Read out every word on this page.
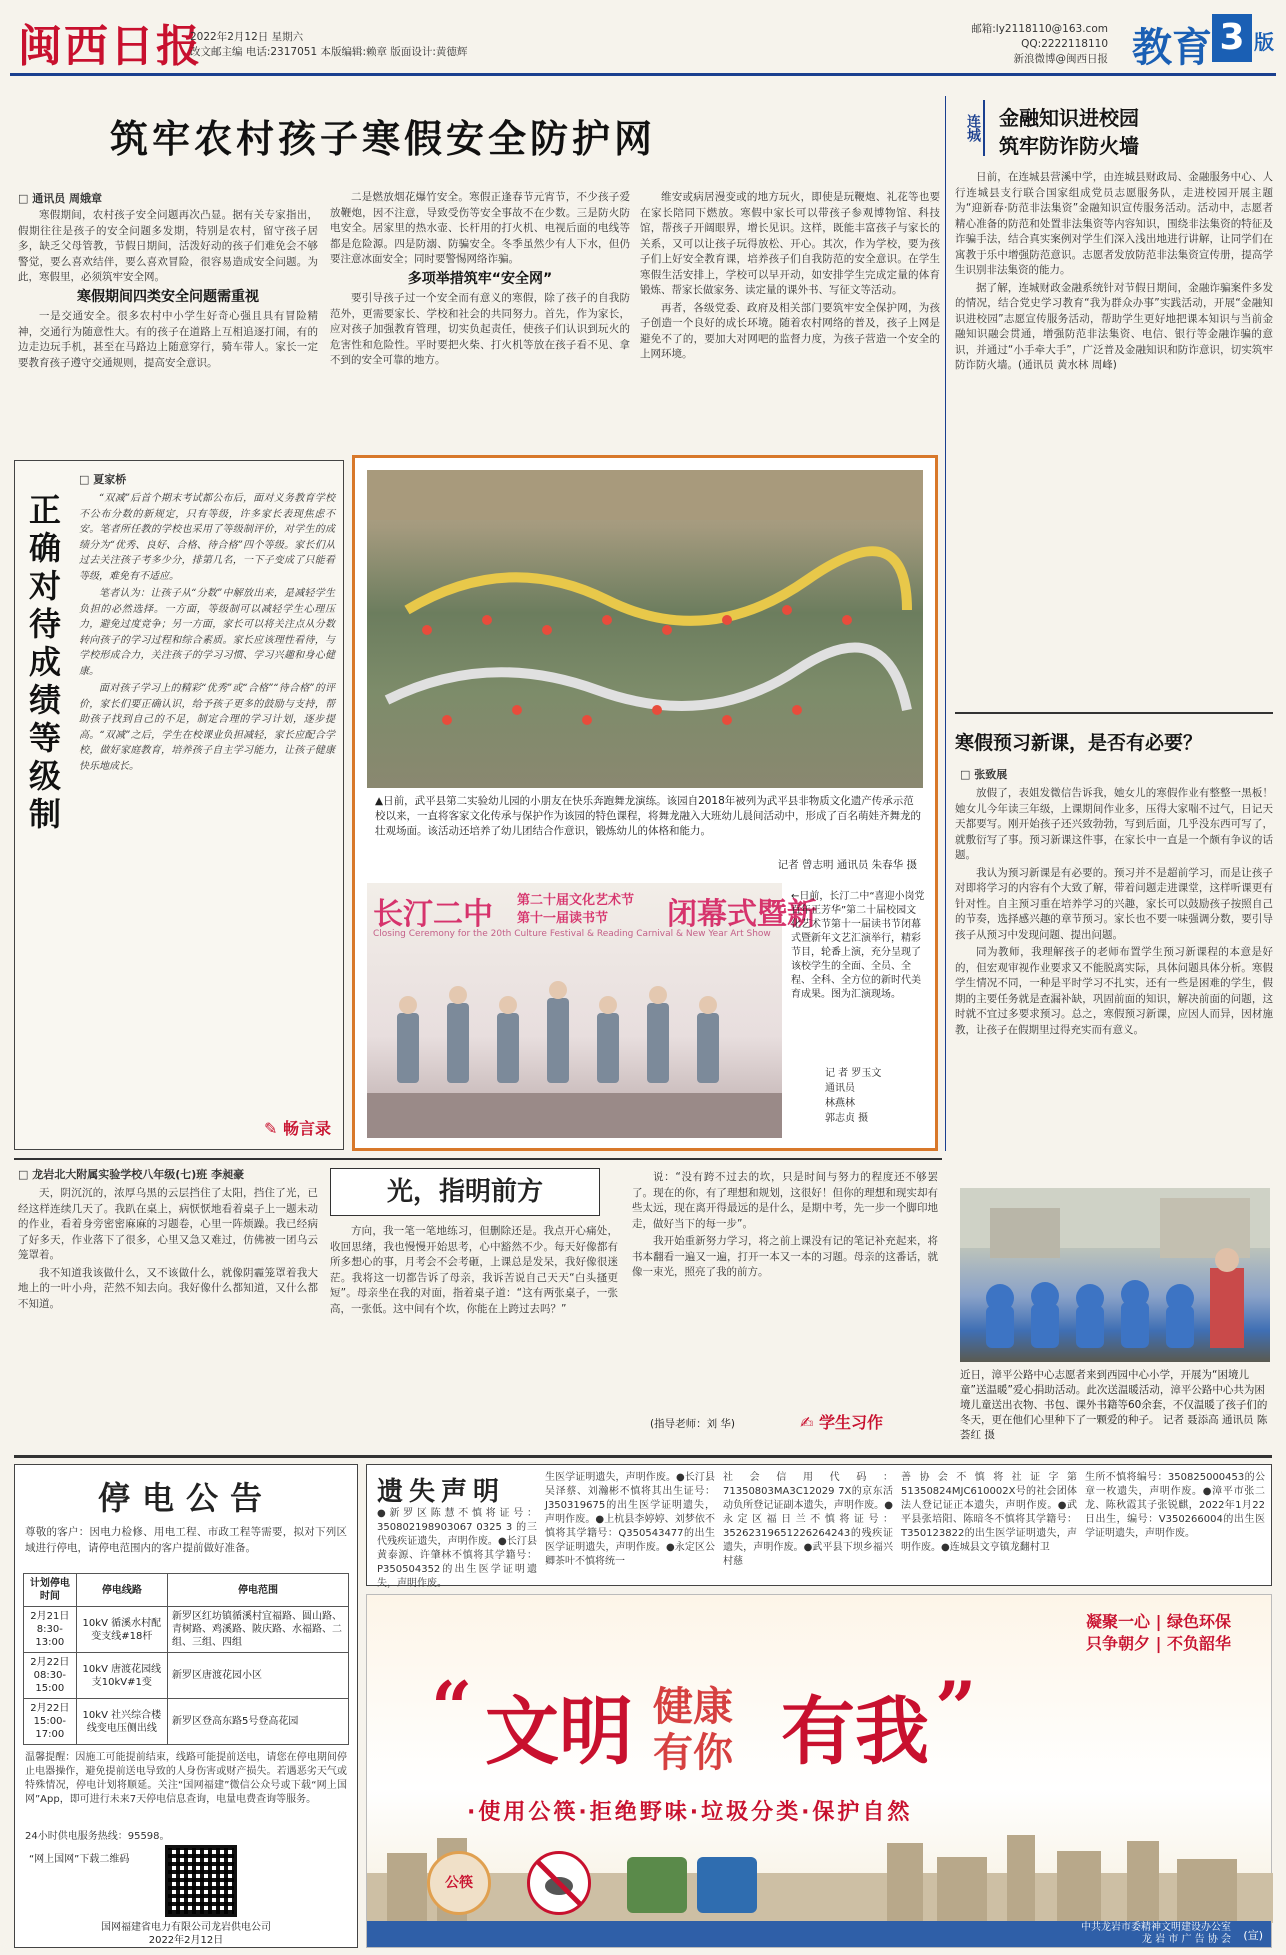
闽西日报
2022年2月12日 星期六
改文邮主编 电话:2317051 本版编辑:赖章 版面设计:黄德辉
邮箱:ly2118110@163.com
QQ:2222118110
新浪微博@闽西日报 教育 3 版
筑牢农村孩子寒假安全防护网	连城 金融知识进校园
筑牢防诈防火墙
□ 通讯员 周娥章

寒假期间，农村孩子安全问题再次凸显。据有关专家指出，假期往往是孩子的安全问题多发期，特别是农村，留守孩子居多，缺乏父母管教，节假日期间，活泼好动的孩子们难免会不够警觉，要么喜欢结伴，要么喜欢冒险，很容易造成安全问题。为此，寒假里，必须筑牢安全网。

寒假期间四类安全问题需重视

一是交通安全。很多农村中小学生好奇心强且具有冒险精神，交通行为随意性大。有的孩子在道路上互相追逐打闹，有的边走边玩手机，甚至在马路边上随意穿行，骑车带人。家长一定要教育孩子遵守交通规则，提高安全意识。

二是燃放烟花爆竹安全。寒假正逢春节元宵节，不少孩子爱放鞭炮，因不注意，导致受伤等安全事故不在少数。三是防火防电安全。居家里的热水壶、长杆用的打火机、电视后面的电线等都是危险源。四是防溺、防骗安全。冬季虽然少有人下水，但仍要注意冰面安全；同时要警惕网络诈骗。

多项举措筑牢“安全网”

要引导孩子过一个安全而有意义的寒假，除了孩子的自我防范外，更需要家长、学校和社会的共同努力。首先，作为家长，应对孩子加强教育管理，切实负起责任，使孩子们认识到玩火的危害性和危险性。平时要把火柴、打火机等放在孩子看不见、拿不到的安全可靠的地方。

维安或病居漫变或的地方玩火，即使是玩鞭炮、礼花等也要在家长陪同下燃放。寒假中家长可以带孩子参观博物馆、科技馆，帮孩子开阔眼界，增长见识。这样，既能丰富孩子与家长的关系，又可以让孩子玩得放松、开心。其次，作为学校，要为孩子们上好安全教育课，培养孩子们自我防范的安全意识。在学生寒假生活安排上，学校可以早开动，如安排学生完成定量的体育锻炼、帮家长做家务、读定量的课外书、写征文等活动。

再者，各级党委、政府及相关部门要筑牢安全保护网，为孩子创造一个良好的成长环境。随着农村网络的普及，孩子上网是避免不了的，要加大对网吧的监督力度，为孩子营造一个安全的上网环境。

日前，在连城县营溪中学，由连城县财政局、金融服务中心、人行连城县支行联合国家组成党员志愿服务队，走进校园开展主题为“迎新春·防范非法集资”金融知识宣传服务活动。活动中，志愿者精心准备的防范和处置非法集资等内容知识，围绕非法集资的特征及诈骗手法，结合真实案例对学生们深入浅出地进行讲解，让同学们在寓教于乐中增强防范意识。志愿者发放防范非法集资宣传册，提高学生识别非法集资的能力。

据了解，连城财政金融系统针对节假日期间，金融诈骗案件多发的情况，结合党史学习教育“我为群众办事”实践活动，开展“金融知识进校园”志愿宣传服务活动，帮助学生更好地把课本知识与当前金融知识融会贯通，增强防范非法集资、电信、银行等金融诈骗的意识，并通过“小手牵大手”，广泛普及金融知识和防诈意识，切实筑牢防诈防火墙。(通讯员 黄水林 周峰)

寒假预习新课，是否有必要？
□ 张致展

放假了，表姐发微信告诉我，她女儿的寒假作业有整整一黑板！她女儿今年读三年级，上课期间作业多，压得大家喘不过气，日记天天都要写。刚开始孩子还兴致勃勃，写到后面，几乎没东西可写了，就敷衍写了事。预习新课这件事，在家长中一直是一个颇有争议的话题。

我认为预习新课是有必要的。预习并不是超前学习，而是让孩子对即将学习的内容有个大致了解，带着问题走进课堂，这样听课更有针对性。自主预习重在培养学习的兴趣，家长可以鼓励孩子按照自己的节奏，选择感兴趣的章节预习。家长也不要一味强调分数，要引导孩子从预习中发现问题、提出问题。

同为教师，我理解孩子的老师布置学生预习新课程的本意是好的，但宏观审视作业要求又不能脱离实际，具体问题具体分析。寒假学生情况不同，一种是平时学习不扎实，还有一些是困难的学生，假期的主要任务就是查漏补缺，巩固前面的知识，解决前面的问题，这时就不宜过多要求预习。总之，寒假预习新课，应因人而异，因材施教，让孩子在假期里过得充实而有意义。

近日，漳平公路中心志愿者来到西园中心小学，开展为“困境儿童”送温暖”爱心捐助活动。此次送温暖活动，漳平公路中心共为困境儿童送出衣物、书包、课外书籍等60余套，不仅温暖了孩子们的冬天，更在他们心里种下了一颗爱的种子。 记者 聂添高 通讯员 陈荟红 摄
正
确
对
待
成
绩
等
级
制
□ 夏家桥

“双减”后首个期末考试都公布后，面对义务教育学校不公布分数的新规定，只有等级，许多家长表现焦虑不安。笔者所任教的学校也采用了等级制评价，对学生的成绩分为“优秀、良好、合格、待合格”四个等级。家长们从过去关注孩子考多少分，排第几名，一下子变成了只能看等级，难免有不适应。

笔者认为：让孩子从“分数”中解放出来，是减轻学生负担的必然选择。一方面，等级制可以减轻学生心理压力，避免过度竞争；另一方面，家长可以将关注点从分数转向孩子的学习过程和综合素质。家长应该理性看待，与学校形成合力，关注孩子的学习习惯、学习兴趣和身心健康。

面对孩子学习上的精彩“优秀”或“合格”“待合格”的评价，家长们要正确认识，给予孩子更多的鼓励与支持，帮助孩子找到自己的不足，制定合理的学习计划，逐步提高。“双减”之后，学生在校课业负担减轻，家长应配合学校，做好家庭教育，培养孩子自主学习能力，让孩子健康快乐地成长。

✎ 畅言录
▲日前，武平县第二实验幼儿园的小朋友在快乐奔跑舞龙演练。该园自2018年被列为武平县非物质文化遗产传承示范校以来，一直将客家文化传承与保护作为该园的特色课程，将舞龙融入大班幼儿晨间活动中，形成了百名萌娃齐舞龙的壮观场面。该活动还培养了幼儿团结合作意识，锻炼幼儿的体格和能力。
记者 曾志明 通讯员 朱春华 摄
长汀二中 第二十届文化艺术节
第十一届读书节 闭幕式暨新
Closing Ceremony for the 20th Culture Festival & Reading Carnival & New Year Art Show
←日前，长汀二中“喜迎小岗党 百年正芳华”第二十届校园文化艺术节第十一届读书节闭幕式暨新年文艺汇演举行，精彩节目，轮番上演，充分呈现了该校学生的全面、全员、全程、全科、全方位的新时代美育成果。图为汇演现场。
记 者 罗玉文
通讯员
林燕林
郭志贞 摄
□ 龙岩北大附属实验学校八年级(七)班 李昶豪
光，指明前方

天，阴沉沉的，浓厚乌黑的云层挡住了太阳，挡住了光，已经这样连续几天了。我趴在桌上，病恹恹地看着桌子上一题未动的作业，看着身旁密密麻麻的习题卷，心里一阵烦躁。我已经病了好多天，作业落下了很多，心里又急又难过，仿佛被一团乌云笼罩着。

我不知道我该做什么，又不该做什么，就像阴霾笼罩着我大地上的一叶小舟，茫然不知去向。我好像什么都知道，又什么都不知道。

方向，我一笔一笔地练习，但删除还是。我点开心痛处，收回思绪，我也慢慢开始思考，心中豁然不少。每天好像都有所多想心的事，月考会不会考砸，上课总是发呆，我好像很迷茫。我将这一切都告诉了母亲，我诉苦说自己天天“白头搔更短”。母亲坐在我的对面，指着桌子道：“这有两张桌子，一张高，一张低。这中间有个坎，你能在上跨过去吗？”

说：“没有跨不过去的坎，只是时间与努力的程度还不够罢了。现在的你，有了理想和规划，这很好！但你的理想和现实却有些太远，现在离开得最远的是什么，是期中考，先一步一个脚印地走，做好当下的每一步”。

我开始重新努力学习，将之前上课没有记的笔记补充起来，将书本翻看一遍又一遍，打开一本又一本的习题。母亲的这番话，就像一束光，照亮了我的前方。

(指导老师：刘 华)	✍ 学生习作
停电公告
尊敬的客户：因电力检修、用电工程、市政工程等需要，拟对下列区域进行停电，请停电范围内的客户提前做好准备。
计划停电时间	停电线路	停电范围
2月21日
8:30-13:00	10kV 循溪水村配变支线#18杆	新罗区红坊镇循溪村宜福路、圆山路、青树路、鸡溪路、陂庆路、水福路、二组、三组、四组
2月22日
08:30-15:00	10kV 唐渡花园线支10kV#1变	新罗区唐渡花园小区
2月22日
15:00-17:00	10kV 社兴综合楼线变电压侧出线	新罗区登高东路5号登高花园
温馨提醒：因施工可能提前结束，线路可能提前送电，请您在停电期间停止电器操作，避免提前送电导致的人身伤害或财产损失。若遇恶劣天气或特殊情况，停电计划将顺延。关注“国网福建”微信公众号或下载“网上国网”App，即可进行未来7天停电信息查询，电量电费查询等服务。
24小时供电服务热线：95598。
“网上国网”下载二维码
国网福建省电力有限公司龙岩供电公司
2022年2月12日
遗失声明
●新罗区陈慧不慎将证号：350802198903067 0325 3 的三代残疾证遗失，声明作废。●长汀县黄泰源、许肇林不慎将其学籍号：P350504352的出生医学证明遗失，声明作废。
生医学证明遗失，声明作废。●长汀县吴泽蔡、刘瀚彬不慎将其出生证号：J350319675的出生医学证明遗失，声明作废。●上杭县李婷婷、刘梦依不慎将其学籍号：Q350543477的出生医学证明遗失，声明作废。●永定区公卿茶叶不慎将统一
社会信用代码：71350803MA3C12029 7X的京东活动负所登记证副本遗失，声明作废。●永定区福日兰不慎将证号：35262319651226264243的残疾证遗失，声明作废。●武平县下坝乡福兴村慈
善协会不慎将社证字第51350824MJC610002X号的社会团体法人登记证正本遗失，声明作废。●武平县张培阳、陈暗冬不慎将其学籍号：T350123822的出生医学证明遗失，声明作废。●连城县文亨镇龙翻村卫
生所不慎将编号：350825000453的公章一枚遗失，声明作废。●漳平市张二龙、陈秋霞其子张锐麒，2022年1月22日出生，编号：V350266004的出生医学证明遗失，声明作废。
凝聚一心 | 绿色环保
只争朝夕 | 不负韶华
“ 文明 健康
有你 有我 ”
·使用公筷·拒绝野味·垃圾分类·保护自然
公筷
中共龙岩市委精神文明建设办公室
龙 岩 市 广 告 协 会 (宣)
